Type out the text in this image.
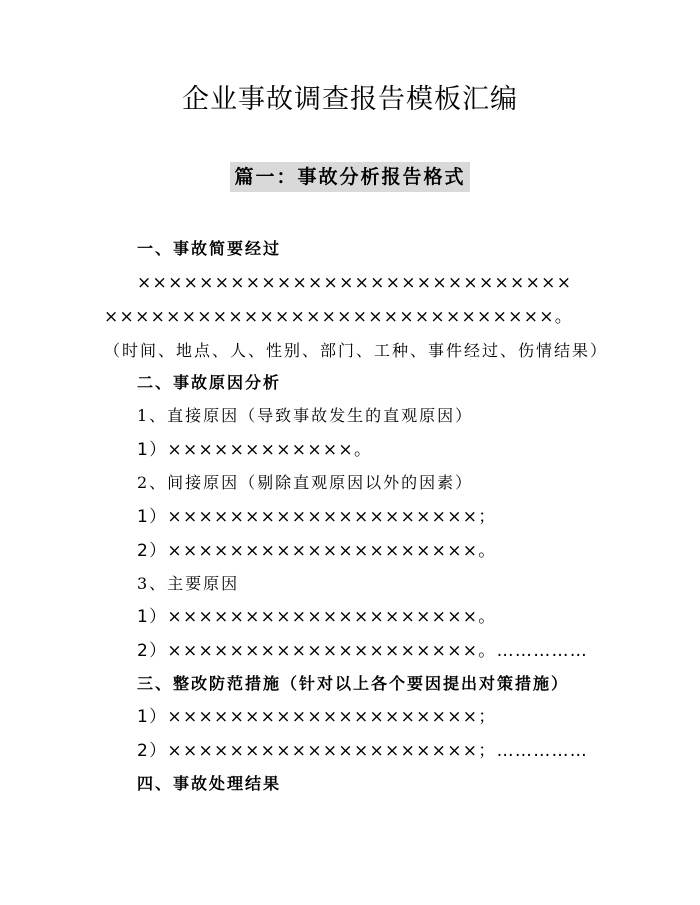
企业事故调查报告模板汇编
篇一：事故分析报告格式
一、事故简要经过
××××××××××××××××××××××××××××
×××××××××××××××××××××××××××××。
（时间、地点、人、性别、部门、工种、事件经过、伤情结果）
二、事故原因分析
1、直接原因（导致事故发生的直观原因）
1）××××××××××××。
2、间接原因（剔除直观原因以外的因素）
1）××××××××××××××××××××；
2）××××××××××××××××××××。
3、主要原因
1）××××××××××××××××××××。
2）××××××××××××××××××××。……………
三、整改防范措施（针对以上各个要因提出对策措施）
1）××××××××××××××××××××；
2）××××××××××××××××××××；……………
四、事故处理结果
